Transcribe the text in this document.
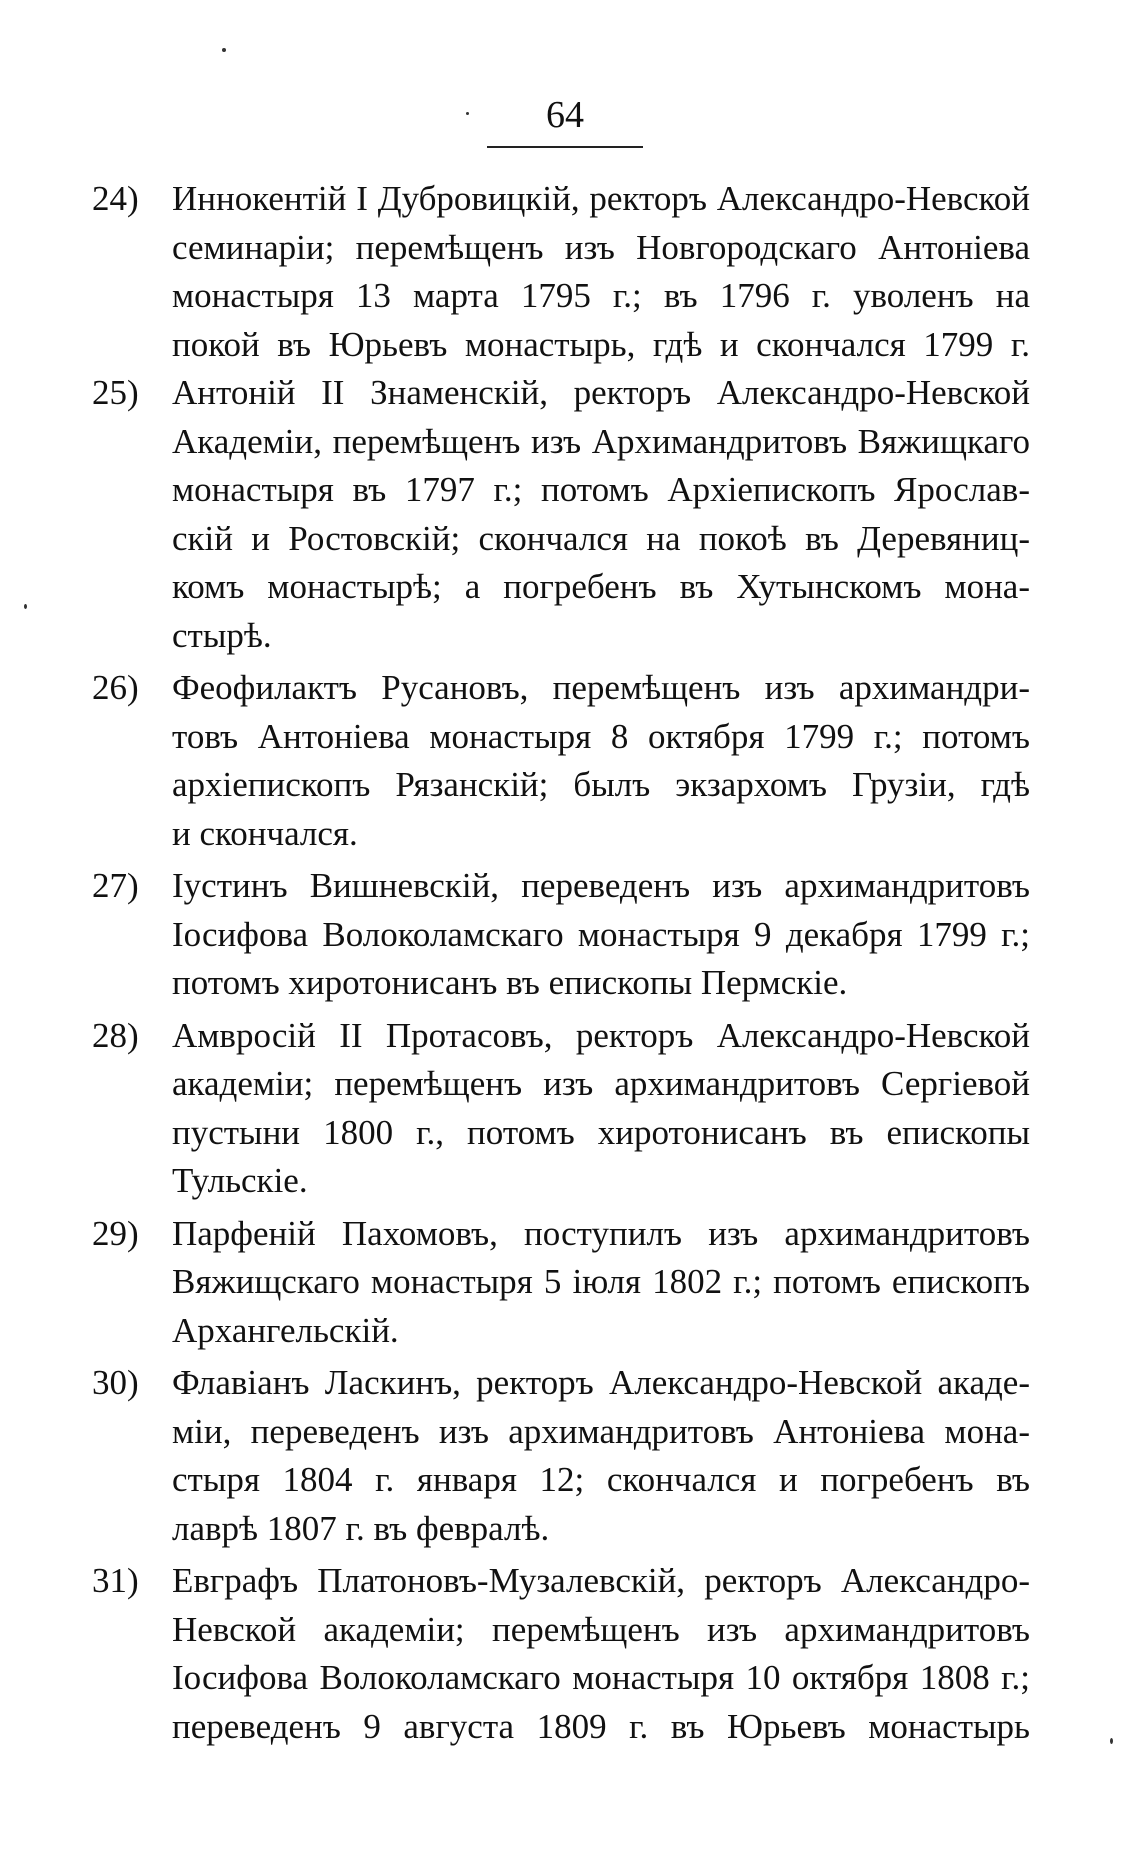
64
24) Иннокентій I Дубровицкій, ректоръ Александро-Невской
семинаріи; перемѣщенъ изъ Новгородскаго Антоніева
монастыря 13 марта 1795 г.; въ 1796 г. уволенъ на
покой въ Юрьевъ монастырь, гдѣ и скончался 1799 г.
25) Антоній II Знаменскій, ректоръ Александро-Невской
Академіи, перемѣщенъ изъ Архимандритовъ Вяжищкаго
монастыря въ 1797 г.; потомъ Архіепископъ Ярослав-
скій и Ростовскій; скончался на покоѣ въ Деревяниц-
комъ монастырѣ; а погребенъ въ Хутынскомъ мона-
стырѣ.
26) Феофилактъ Русановъ, перемѣщенъ изъ архимандри-
товъ Антоніева монастыря 8 октября 1799 г.; потомъ
архіепископъ Рязанскій; былъ экзархомъ Грузіи, гдѣ
и скончался.
27) Іустинъ Вишневскій, переведенъ изъ архимандритовъ
Іосифова Волоколамскаго монастыря 9 декабря 1799 г.;
потомъ хиротонисанъ въ епископы Пермскіе.
28) Амвросій II Протасовъ, ректоръ Александро-Невской
академіи; перемѣщенъ изъ архимандритовъ Сергіевой
пустыни 1800 г., потомъ хиротонисанъ въ епископы
Тульскіе.
29) Парфеній Пахомовъ, поступилъ изъ архимандритовъ
Вяжищскаго монастыря 5 іюля 1802 г.; потомъ епископъ
Архангельскій.
30) Флавіанъ Ласкинъ, ректоръ Александро-Невской акаде-
міи, переведенъ изъ архимандритовъ Антоніева мона-
стыря 1804 г. января 12; скончался и погребенъ въ
лаврѣ 1807 г. въ февралѣ.
31) Евграфъ Платоновъ-Музалевскій, ректоръ Александро-
Невской академіи; перемѣщенъ изъ архимандритовъ
Іосифова Волоколамскаго монастыря 10 октября 1808 г.;
переведенъ 9 августа 1809 г. въ Юрьевъ монастырь
